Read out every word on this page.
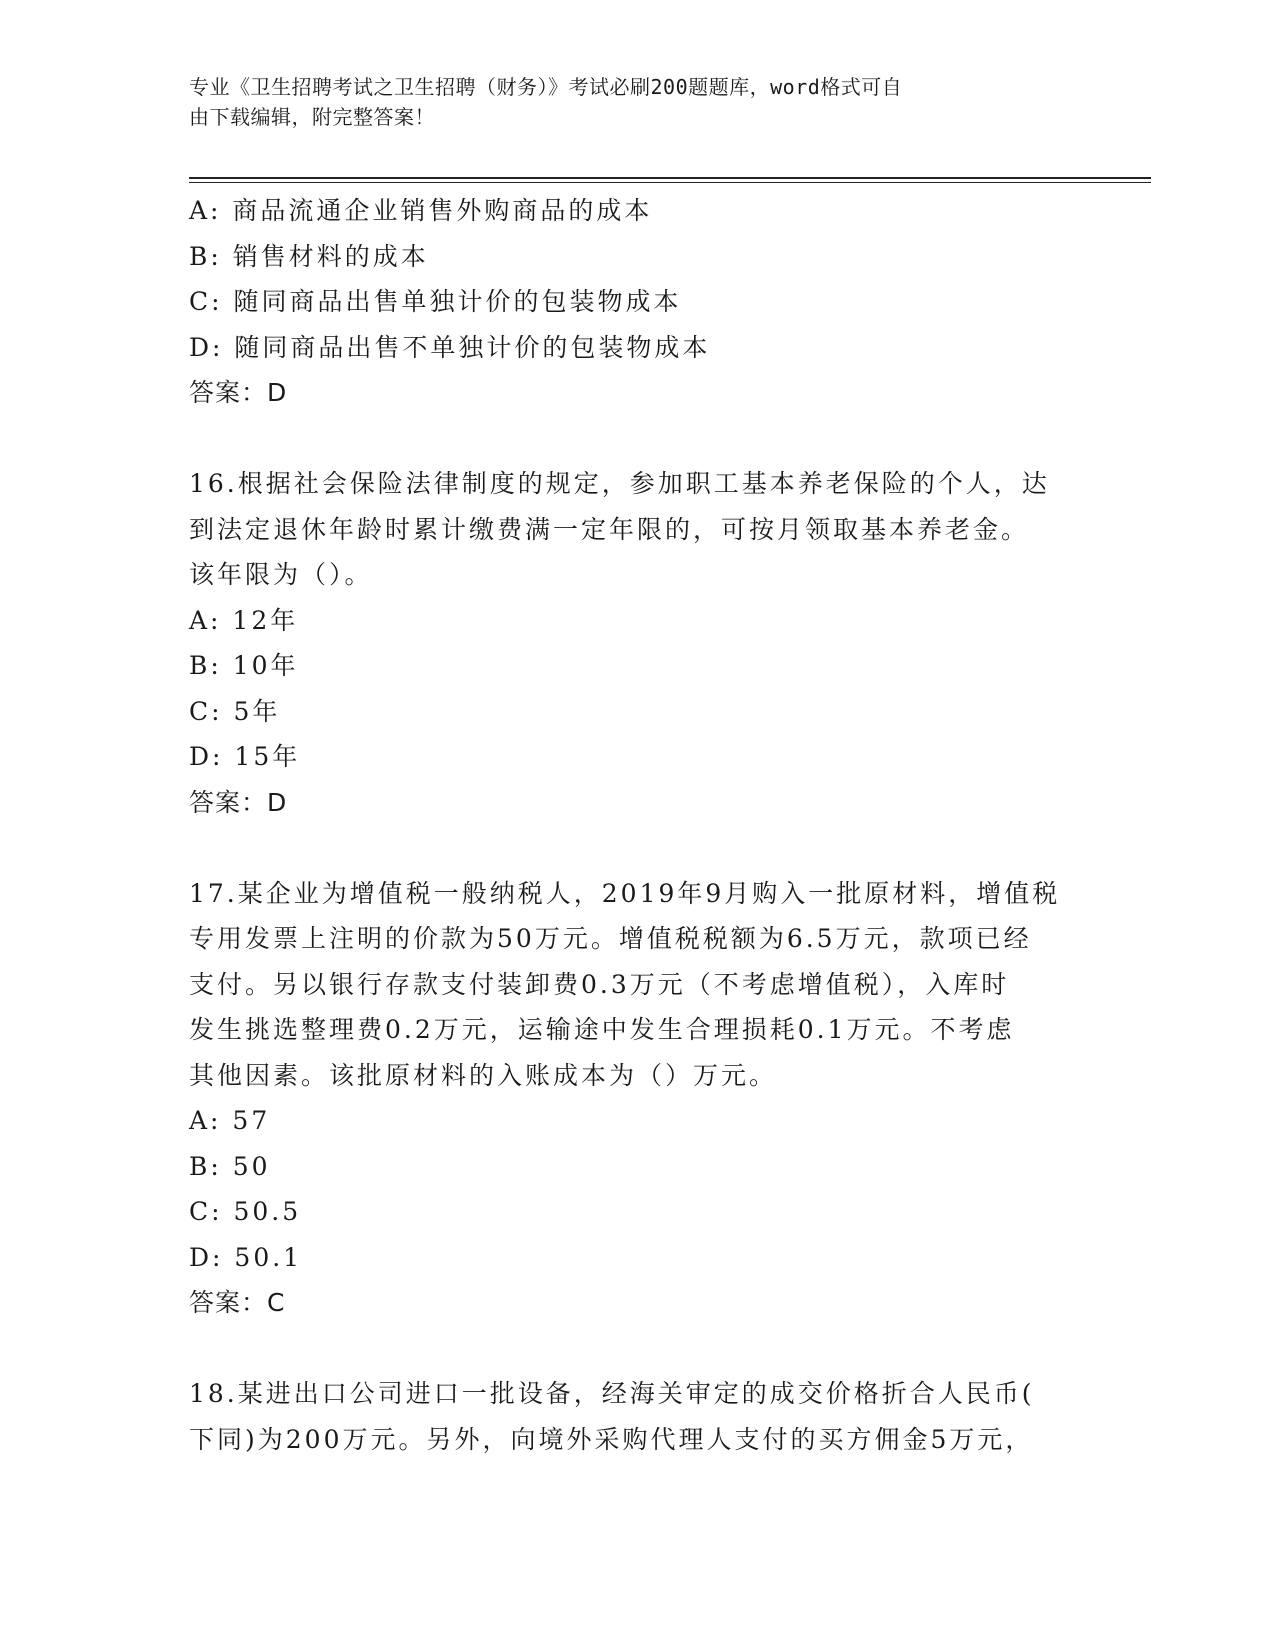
专业《卫生招聘考试之卫生招聘（财务）》考试必刷200题题库，word格式可自
由下载编辑，附完整答案！
A: 商品流通企业销售外购商品的成本
B: 销售材料的成本
C: 随同商品出售单独计价的包装物成本
D: 随同商品出售不单独计价的包装物成本
答案：D
16.根据社会保险法律制度的规定，参加职工基本养老保险的个人，达
到法定退休年龄时累计缴费满一定年限的，可按月领取基本养老金。
该年限为（）。
A: 12年
B: 10年
C: 5年
D: 15年
答案：D
17.某企业为增值税一般纳税人，2019年9月购入一批原材料，增值税
专用发票上注明的价款为50万元。增值税税额为6.5万元，款项已经
支付。另以银行存款支付装卸费0.3万元（不考虑增值税），入库时
发生挑选整理费0.2万元，运输途中发生合理损耗0.1万元。不考虑
其他因素。该批原材料的入账成本为（）万元。
A: 57
B: 50
C: 50.5
D: 50.1
答案：C
18.某进出口公司进口一批设备，经海关审定的成交价格折合人民币(
下同)为200万元。另外，向境外采购代理人支付的买方佣金5万元，
